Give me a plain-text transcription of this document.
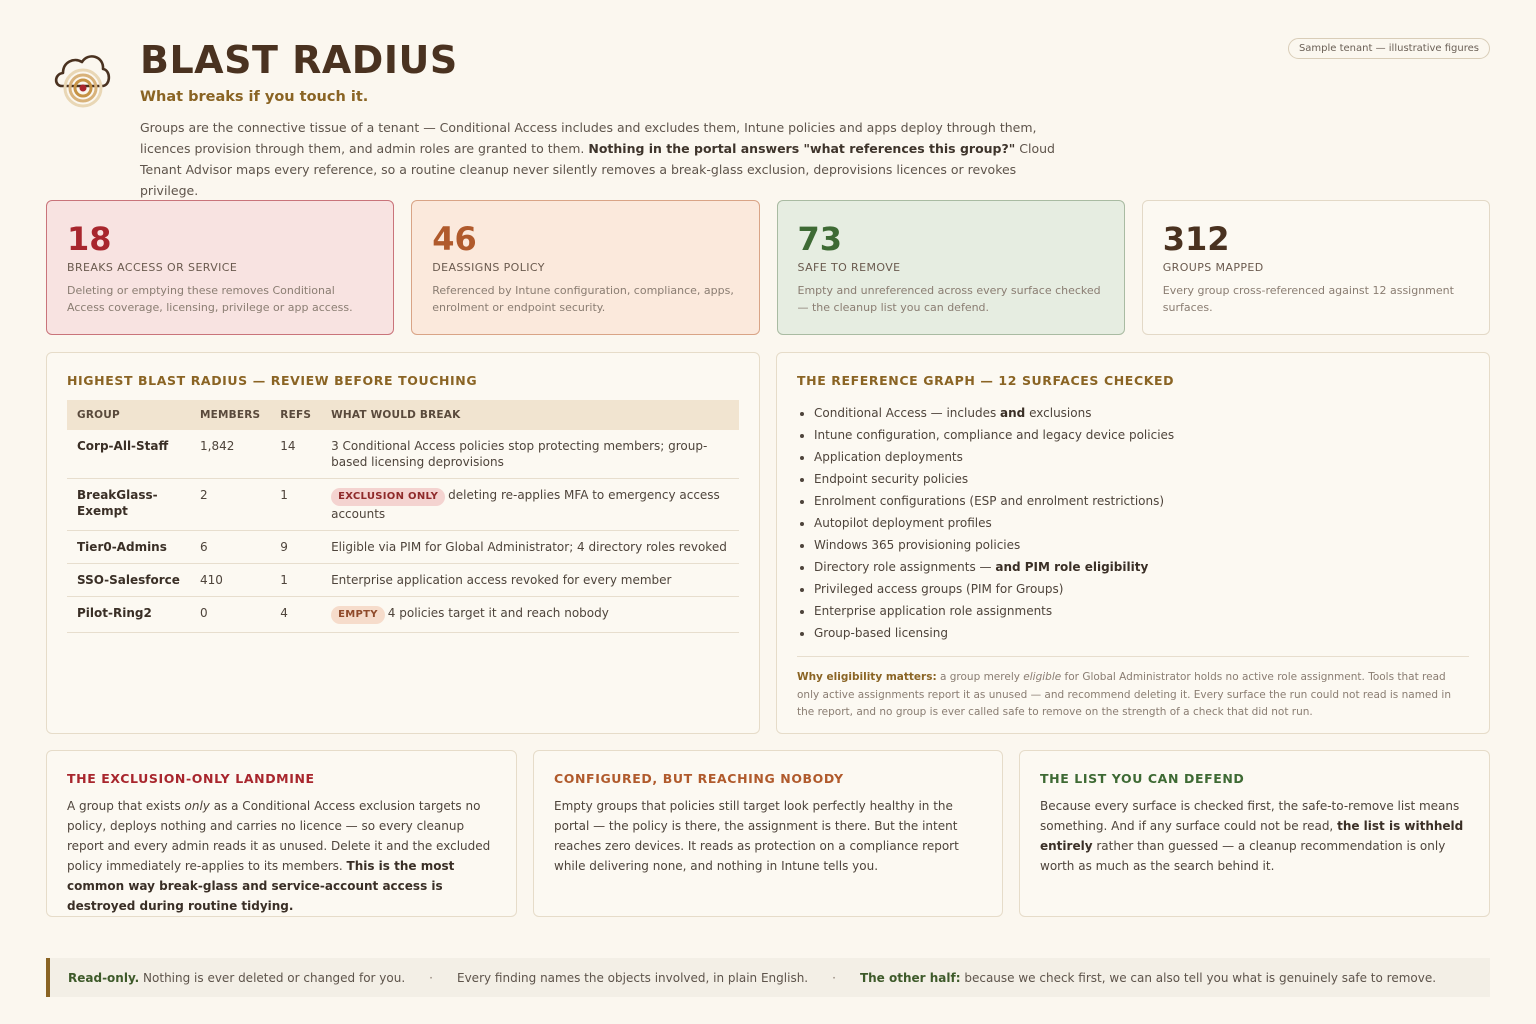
BLAST RADIUS
What breaks if you touch it.
Groups are the connective tissue of a tenant — Conditional Access includes and excludes them, Intune policies and apps deploy through them, licences provision through them, and admin roles are granted to them. Nothing in the portal answers "what references this group?" Cloud Tenant Advisor maps every reference, so a routine cleanup never silently removes a break-glass exclusion, deprovisions licences or revokes privilege.
Sample tenant — illustrative figures
18
BREAKS ACCESS OR SERVICE
Deleting or emptying these removes Conditional Access coverage, licensing, privilege or app access.
46
DEASSIGNS POLICY
Referenced by Intune configuration, compliance, apps, enrolment or endpoint security.
73
SAFE TO REMOVE
Empty and unreferenced across every surface checked — the cleanup list you can defend.
312
GROUPS MAPPED
Every group cross-referenced against 12 assignment surfaces.
HIGHEST BLAST RADIUS — REVIEW BEFORE TOUCHING
GROUP	MEMBERS	REFS	WHAT WOULD BREAK
Corp-All-Staff	1,842	14	3 Conditional Access policies stop protecting members; group-based licensing deprovisions
BreakGlass-Exempt	2	1	EXCLUSION ONLY deleting re-applies MFA to emergency access accounts
Tier0-Admins	6	9	Eligible via PIM for Global Administrator; 4 directory roles revoked
SSO-Salesforce	410	1	Enterprise application access revoked for every member
Pilot-Ring2	0	4	EMPTY 4 policies target it and reach nobody
THE REFERENCE GRAPH — 12 SURFACES CHECKED
• Conditional Access — includes and exclusions
• Intune configuration, compliance and legacy device policies
• Application deployments
• Endpoint security policies
• Enrolment configurations (ESP and enrolment restrictions)
• Autopilot deployment profiles
• Windows 365 provisioning policies
• Directory role assignments — and PIM role eligibility
• Privileged access groups (PIM for Groups)
• Enterprise application role assignments
• Group-based licensing
Why eligibility matters: a group merely eligible for Global Administrator holds no active role assignment. Tools that read only active assignments report it as unused — and recommend deleting it. Every surface the run could not read is named in the report, and no group is ever called safe to remove on the strength of a check that did not run.
THE EXCLUSION-ONLY LANDMINE

A group that exists only as a Conditional Access exclusion targets no policy, deploys nothing and carries no licence — so every cleanup report and every admin reads it as unused. Delete it and the excluded policy immediately re-applies to its members. This is the most common way break-glass and service-account access is destroyed during routine tidying.

CONFIGURED, BUT REACHING NOBODY

Empty groups that policies still target look perfectly healthy in the portal — the policy is there, the assignment is there. But the intent reaches zero devices. It reads as protection on a compliance report while delivering none, and nothing in Intune tells you.

THE LIST YOU CAN DEFEND

Because every surface is checked first, the safe-to-remove list means something. And if any surface could not be read, the list is withheld entirely rather than guessed — a cleanup recommendation is only worth as much as the search behind it.

Read-only. Nothing is ever deleted or changed for you. · Every finding names the objects involved, in plain English. · The other half: because we check first, we can also tell you what is genuinely safe to remove.
